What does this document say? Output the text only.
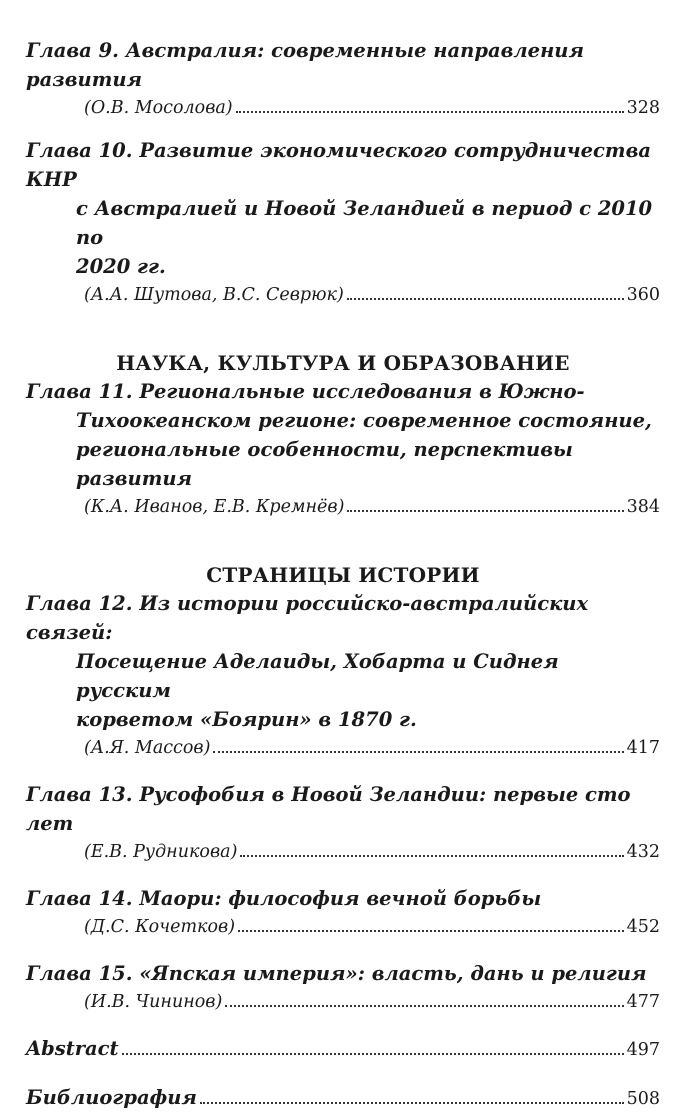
Глава 9. Австралия: современные направления развития
(О.В. Мосолова)	328
Глава 10. Развитие экономического сотрудничества КНР
с Австралией и Новой Зеландией в период с 2010 по
2020 гг.
(А.А. Шутова, В.С. Севрюк)	360
НАУКА, КУЛЬТУРА И ОБРАЗОВАНИЕ
Глава 11. Региональные исследования в Южно-
Тихоокеанском регионе: современное состояние,
региональные особенности, перспективы развития
(К.А. Иванов, Е.В. Кремнёв)	384
СТРАНИЦЫ ИСТОРИИ
Глава 12. Из истории российско-австралийских связей:
Посещение Аделаиды, Хобарта и Сиднея русским
корветом «Боярин» в 1870 г.
(А.Я. Массов)	417
Глава 13. Русофобия в Новой Зеландии: первые сто лет
(Е.В. Рудникова)	432
Глава 14. Маори: философия вечной борьбы
(Д.С. Кочетков)	452
Глава 15. «Япская империя»: власть, дань и религия
(И.В. Чининов)	477
Abstract	497
Библиография	508
